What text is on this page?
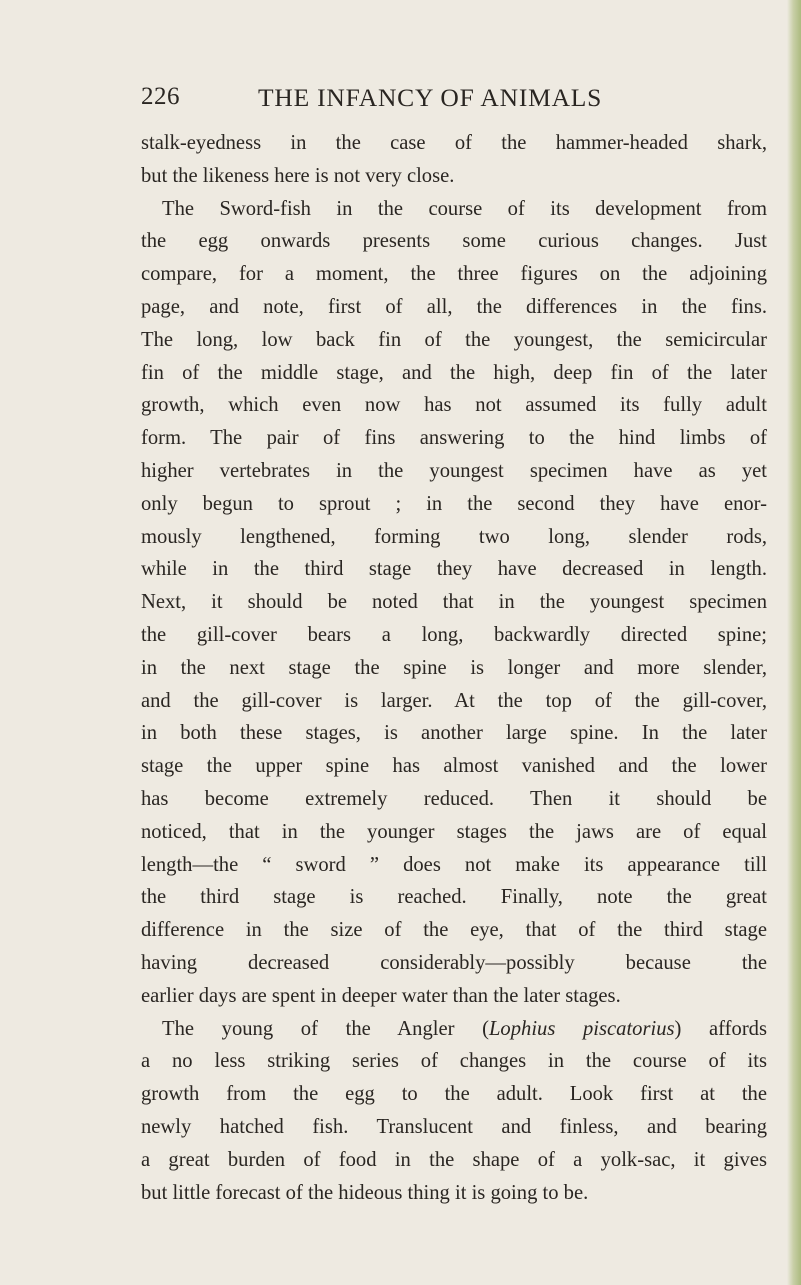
226	THE INFANCY OF ANIMALS
stalk-eyedness in the case of the hammer-headed shark,
but the likeness here is not very close.
The Sword-fish in the course of its development from
the egg onwards presents some curious changes. Just
compare, for a moment, the three figures on the adjoining
page, and note, first of all, the differences in the fins.
The long, low back fin of the youngest, the semicircular
fin of the middle stage, and the high, deep fin of the later
growth, which even now has not assumed its fully adult
form. The pair of fins answering to the hind limbs of
higher vertebrates in the youngest specimen have as yet
only begun to sprout ; in the second they have enor-
mously lengthened, forming two long, slender rods,
while in the third stage they have decreased in length.
Next, it should be noted that in the youngest specimen
the gill-cover bears a long, backwardly directed spine;
in the next stage the spine is longer and more slender,
and the gill-cover is larger. At the top of the gill-cover,
in both these stages, is another large spine. In the later
stage the upper spine has almost vanished and the lower
has become extremely reduced. Then it should be
noticed, that in the younger stages the jaws are of equal
length—the “ sword ” does not make its appearance till
the third stage is reached. Finally, note the great
difference in the size of the eye, that of the third stage
having decreased considerably—possibly because the
earlier days are spent in deeper water than the later stages.
The young of the Angler (Lophius piscatorius) affords
a no less striking series of changes in the course of its
growth from the egg to the adult. Look first at the
newly hatched fish. Translucent and finless, and bearing
a great burden of food in the shape of a yolk-sac, it gives
but little forecast of the hideous thing it is going to be.
